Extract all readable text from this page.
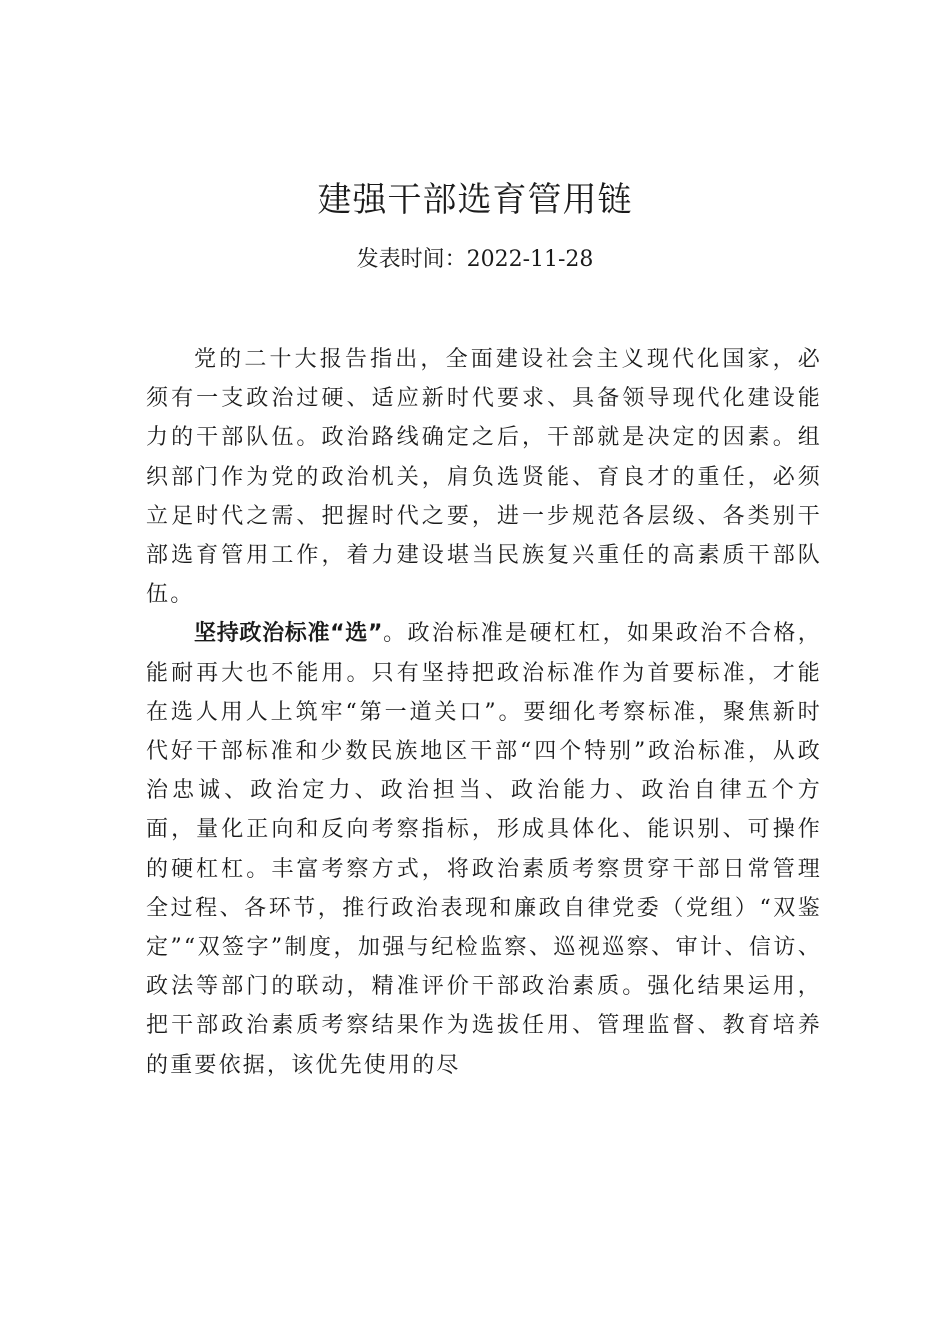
建强干部选育管用链
发表时间：2022-11-28

党的二十大报告指出，全面建设社会主义现代化国家，必须有一支政治过硬、适应新时代要求、具备领导现代化建设能力的干部队伍。政治路线确定之后，干部就是决定的因素。组织部门作为党的政治机关，肩负选贤能、育良才的重任，必须立足时代之需、把握时代之要，进一步规范各层级、各类别干部选育管用工作，着力建设堪当民族复兴重任的高素质干部队伍。

坚持政治标准“选”。政治标准是硬杠杠，如果政治不合格，能耐再大也不能用。只有坚持把政治标准作为首要标准，才能在选人用人上筑牢“第一道关口”。要细化考察标准，聚焦新时代好干部标准和少数民族地区干部“四个特别”政治标准，从政治忠诚、政治定力、政治担当、政治能力、政治自律五个方面，量化正向和反向考察指标，形成具体化、能识别、可操作的硬杠杠。丰富考察方式，将政治素质考察贯穿干部日常管理全过程、各环节，推行政治表现和廉政自律党委（党组）“双鉴定”“双签字”制度，加强与纪检监察、巡视巡察、审计、信访、政法等部门的联动，精准评价干部政治素质。强化结果运用，把干部政治素质考察结果作为选拔任用、管理监督、教育培养的重要依据，该优先使用的尽
